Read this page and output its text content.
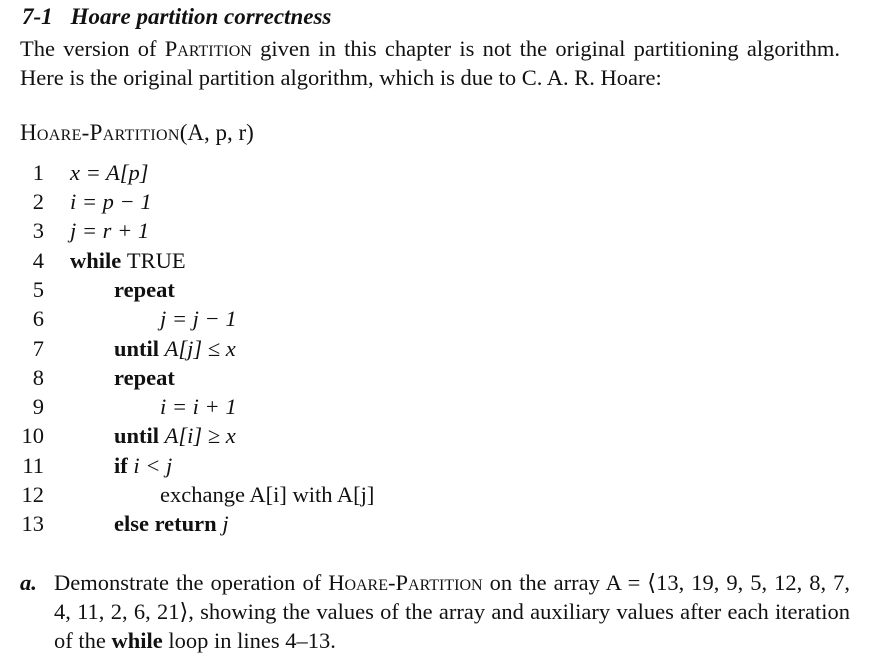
7-1 Hoare partition correctness
The version of Partition given in this chapter is not the original partitioning algorithm. Here is the original partition algorithm, which is due to C. A. R. Hoare:
Hoare-Partition(A, p, r)
1 x = A[p]
2 i = p − 1
3 j = r + 1
4 while TRUE
5	repeat
6	j = j − 1
7	until A[j] ≤ x
8	repeat
9	i = i + 1
10	until A[i] ≥ x
11	if i < j
12	exchange A[i] with A[j]
13	else return j
a. Demonstrate the operation of Hoare-Partition on the array A = ⟨13, 19, 9, 5, 12, 8, 7, 4, 11, 2, 6, 21⟩, showing the values of the array and auxiliary values after each iteration of the while loop in lines 4–13.
